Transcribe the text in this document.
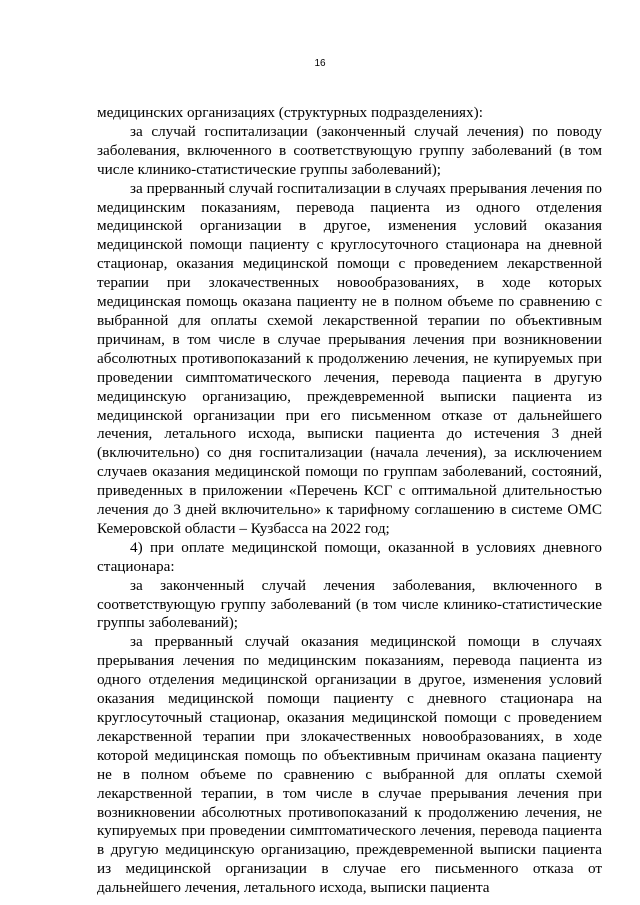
16

медицинских организациях (структурных подразделениях):

за случай госпитализации (законченный случай лечения) по поводу заболевания, включенного в соответствующую группу заболеваний (в том числе клинико-статистические группы заболеваний);

за прерванный случай госпитализации в случаях прерывания лечения по медицинским показаниям, перевода пациента из одного отделения медицинской организации в другое, изменения условий оказания медицинской помощи пациенту с круглосуточного стационара на дневной стационар, оказания медицинской помощи с проведением лекарственной терапии при злокачественных новообразованиях, в ходе которых медицинская помощь оказана пациенту не в полном объеме по сравнению с выбранной для оплаты схемой лекарственной терапии по объективным причинам, в том числе в случае прерывания лечения при возникновении абсолютных противопоказаний к продолжению лечения, не купируемых при проведении симптоматического лечения, перевода пациента в другую медицинскую организацию, преждевременной выписки пациента из медицинской организации при его письменном отказе от дальнейшего лечения, летального исхода, выписки пациента до истечения 3 дней (включительно) со дня госпитализации (начала лечения), за исключением случаев оказания медицинской помощи по группам заболеваний, состояний, приведенных в приложении «Перечень КСГ с оптимальной длительностью лечения до 3 дней включительно» к тарифному соглашению в системе ОМС Кемеровской области – Кузбасса на 2022 год;

4) при оплате медицинской помощи, оказанной в условиях дневного стационара:

за законченный случай лечения заболевания, включенного в соответствующую группу заболеваний (в том числе клинико-статистические группы заболеваний);

за прерванный случай оказания медицинской помощи в случаях прерывания лечения по медицинским показаниям, перевода пациента из одного отделения медицинской организации в другое, изменения условий оказания медицинской помощи пациенту с дневного стационара на круглосуточный стационар, оказания медицинской помощи с проведением лекарственной терапии при злокачественных новообразованиях, в ходе которой медицинская помощь по объективным причинам оказана пациенту не в полном объеме по сравнению с выбранной для оплаты схемой лекарственной терапии, в том числе в случае прерывания лечения при возникновении абсолютных противопоказаний к продолжению лечения, не купируемых при проведении симптоматического лечения, перевода пациента в другую медицинскую организацию, преждевременной выписки пациента из медицинской организации в случае его письменного отказа от дальнейшего лечения, летального исхода, выписки пациента
